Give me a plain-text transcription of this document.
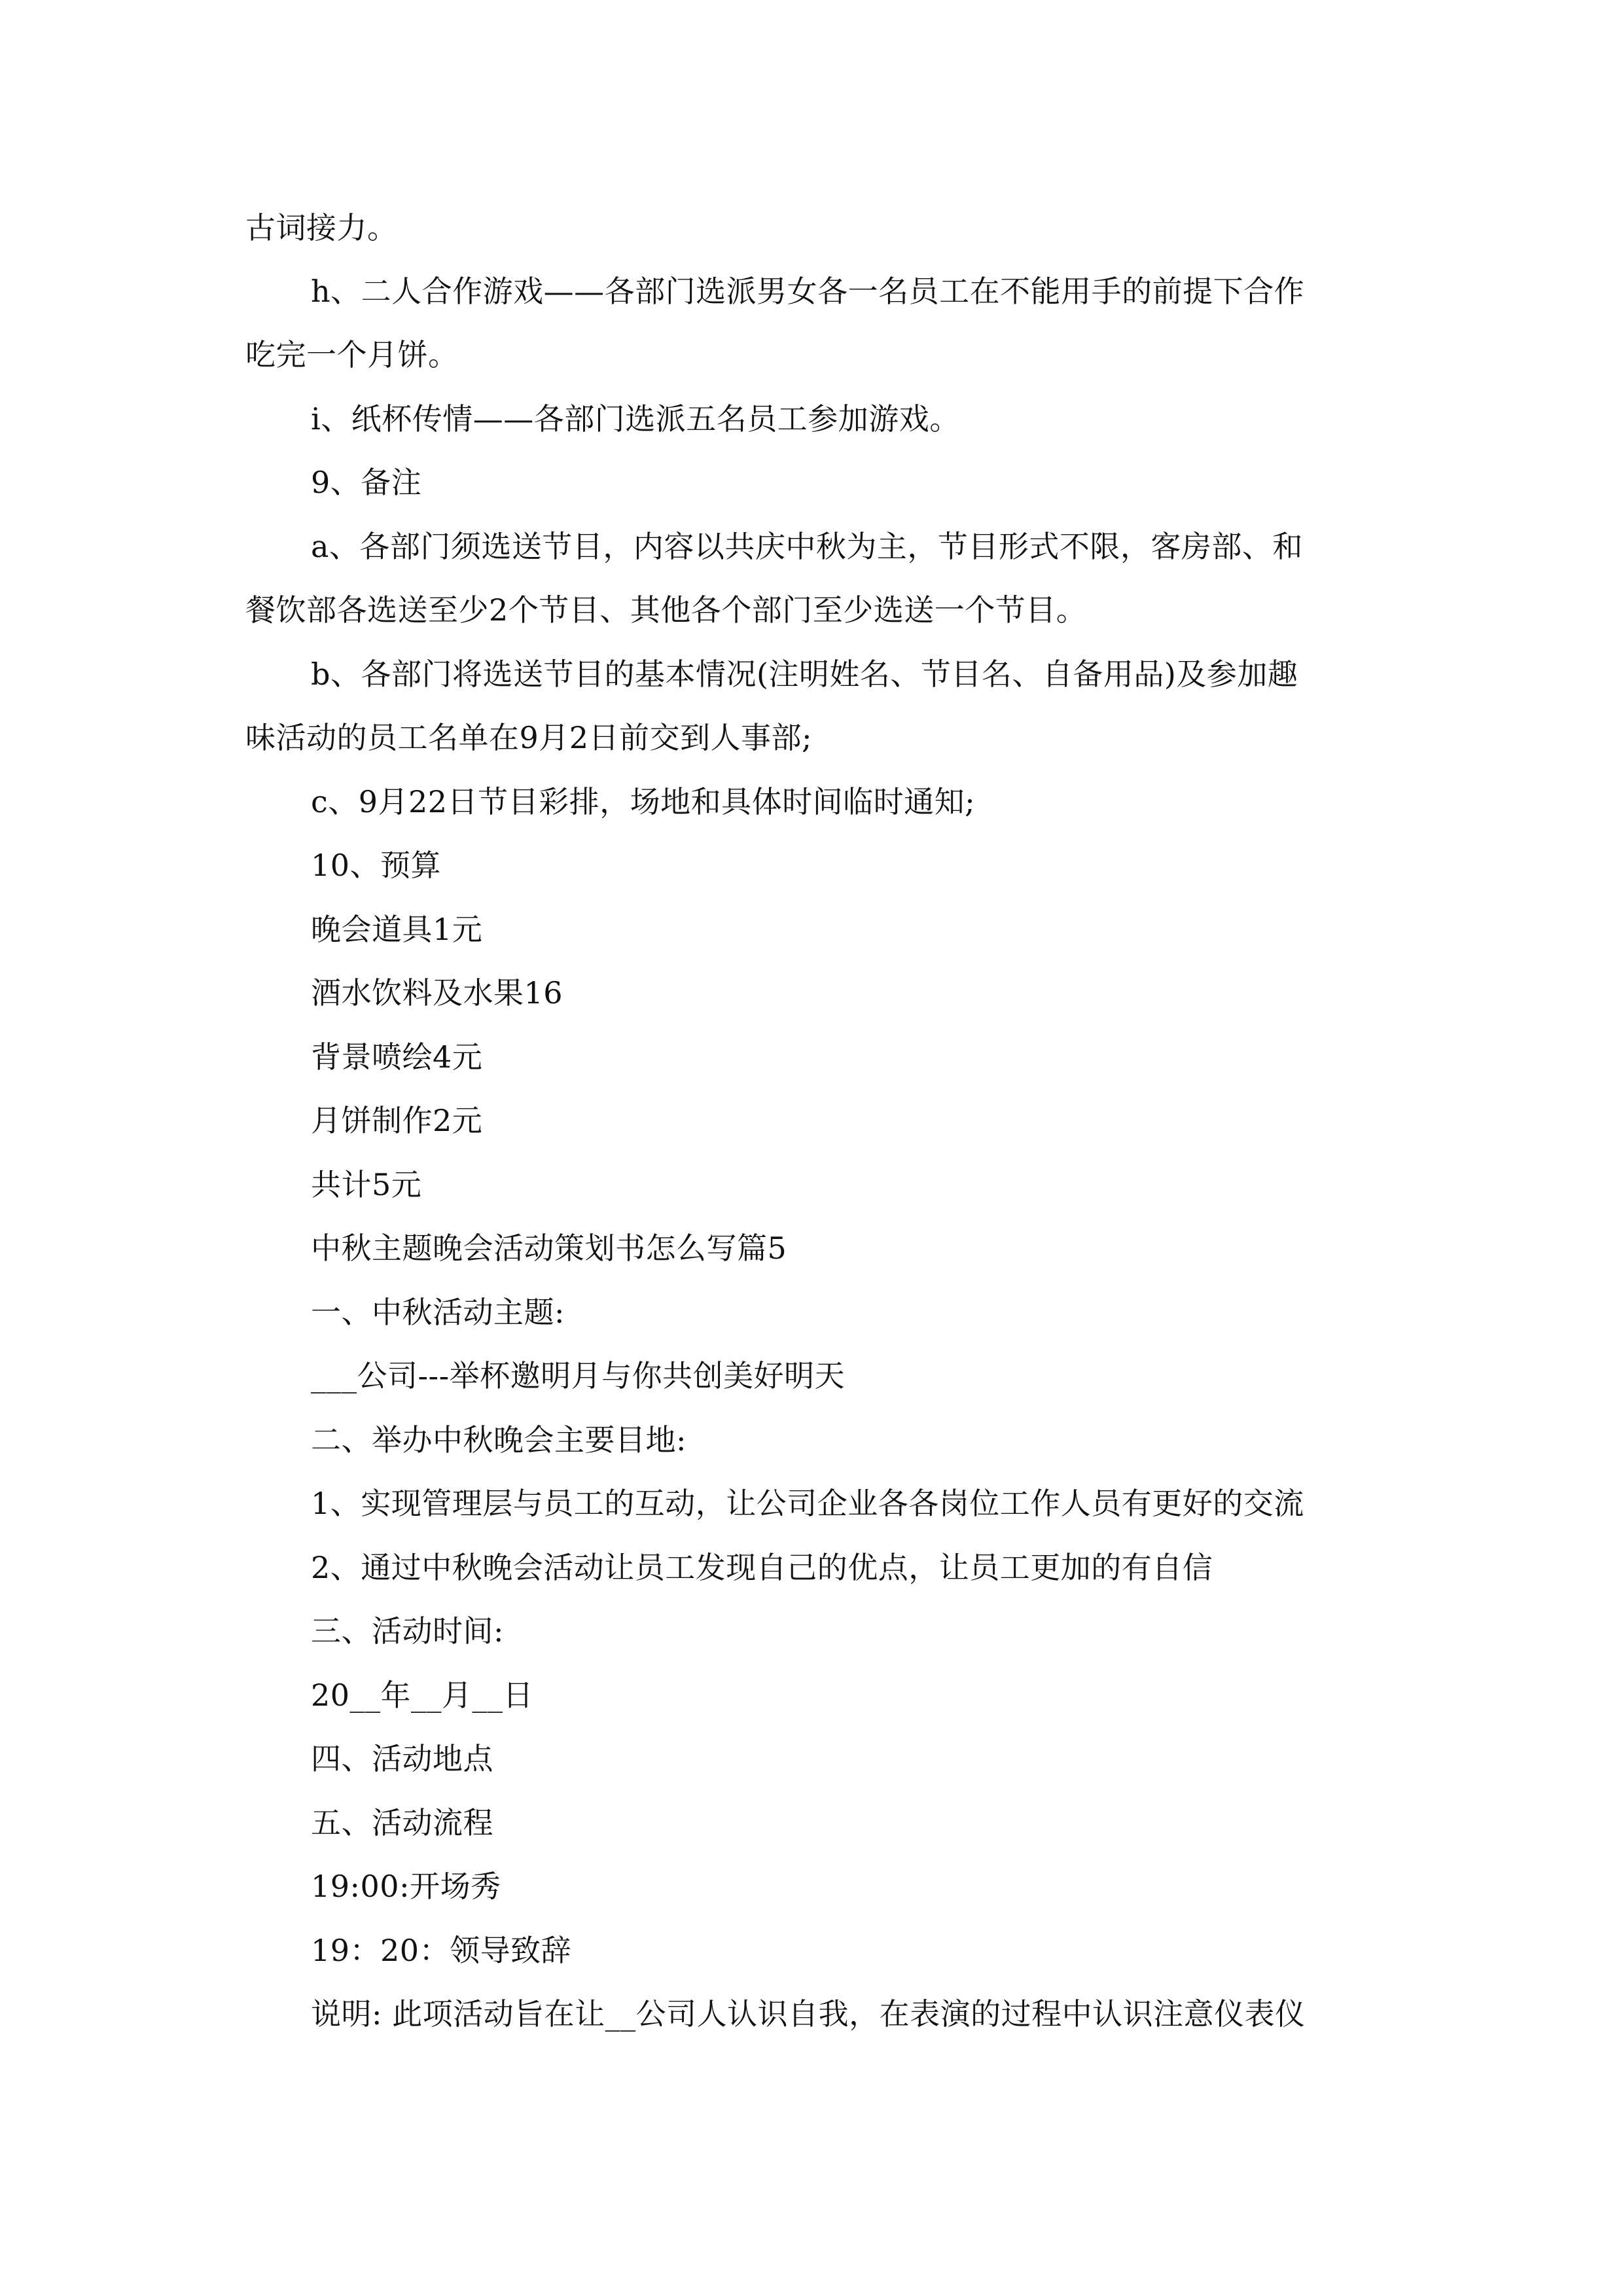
古词接力。
h、二人合作游戏——各部门选派男女各一名员工在不能用手的前提下合作
吃完一个月饼。
i、纸杯传情——各部门选派五名员工参加游戏。
9、备注
a、各部门须选送节目，内容以共庆中秋为主，节目形式不限，客房部、和
餐饮部各选送至少2个节目、其他各个部门至少选送一个节目。
b、各部门将选送节目的基本情况(注明姓名、节目名、自备用品)及参加趣
味活动的员工名单在9月2日前交到人事部;
c、9月22日节目彩排，场地和具体时间临时通知;
10、预算
晚会道具1元
酒水饮料及水果16
背景喷绘4元
月饼制作2元
共计5元
中秋主题晚会活动策划书怎么写篇5
一、中秋活动主题:
___公司---举杯邀明月与你共创美好明天
二、举办中秋晚会主要目地:
1、实现管理层与员工的互动，让公司企业各各岗位工作人员有更好的交流
2、通过中秋晚会活动让员工发现自己的优点，让员工更加的有自信
三、活动时间:
20__年__月__日
四、活动地点
五、活动流程
19:00:开场秀
19：20：领导致辞
说明: 此项活动旨在让__公司人认识自我，在表演的过程中认识注意仪表仪
